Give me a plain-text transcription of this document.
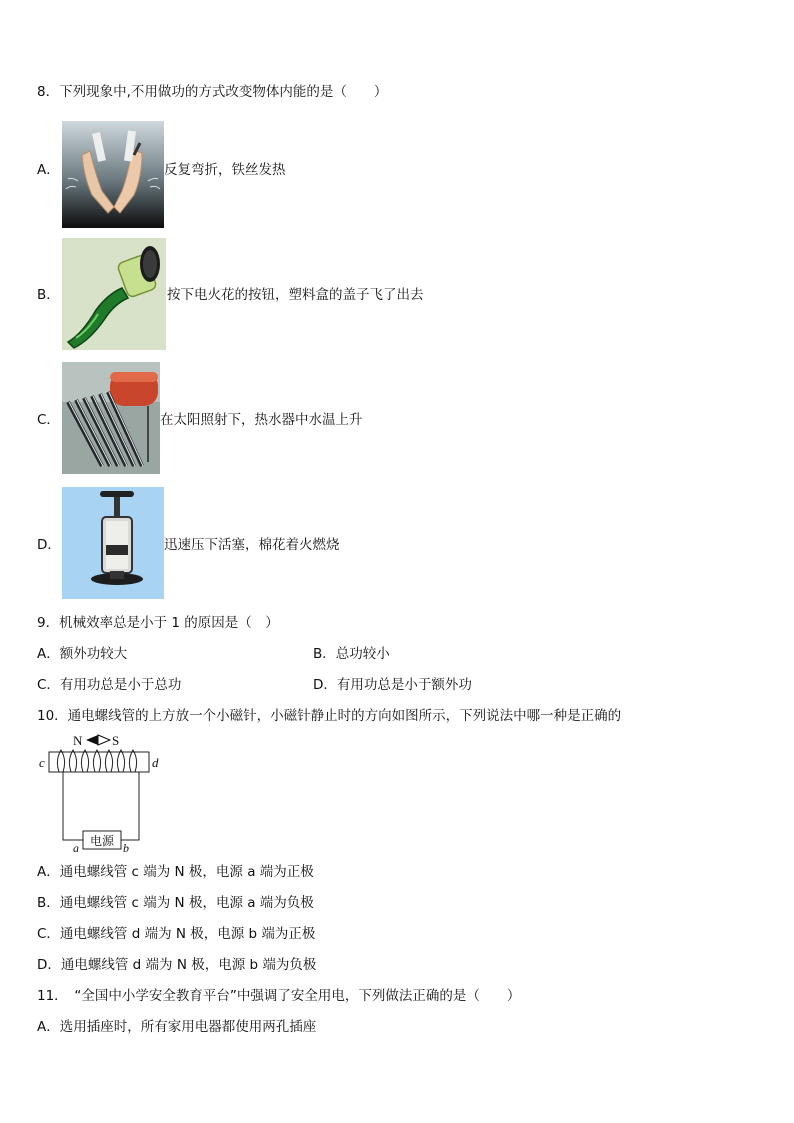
8．下列现象中,不用做功的方式改变物体内能的是（　　）
A．	反复弯折，铁丝发热
B．	按下电火花的按钮，塑料盒的盖子飞了出去
C．	在太阳照射下，热水器中水温上升
D．	迅速压下活塞，棉花着火燃烧
9．机械效率总是小于 1 的原因是（　）
A．额外功较大	B．总功较小
C．有用功总是小于总功	D．有用功总是小于额外功
10．通电螺线管的上方放一个小磁针，小磁针静止时的方向如图所示，下列说法中哪一种是正确的
N S
c	d
电源
a	b
A．通电螺线管 c 端为 N 极，电源 a 端为正极
B．通电螺线管 c 端为 N 极，电源 a 端为负极
C．通电螺线管 d 端为 N 极，电源 b 端为正极
D．通电螺线管 d 端为 N 极，电源 b 端为负极
11．　“全国中小学安全教育平台”中强调了安全用电，下列做法正确的是（　　）
A．选用插座时，所有家用电器都使用两孔插座
